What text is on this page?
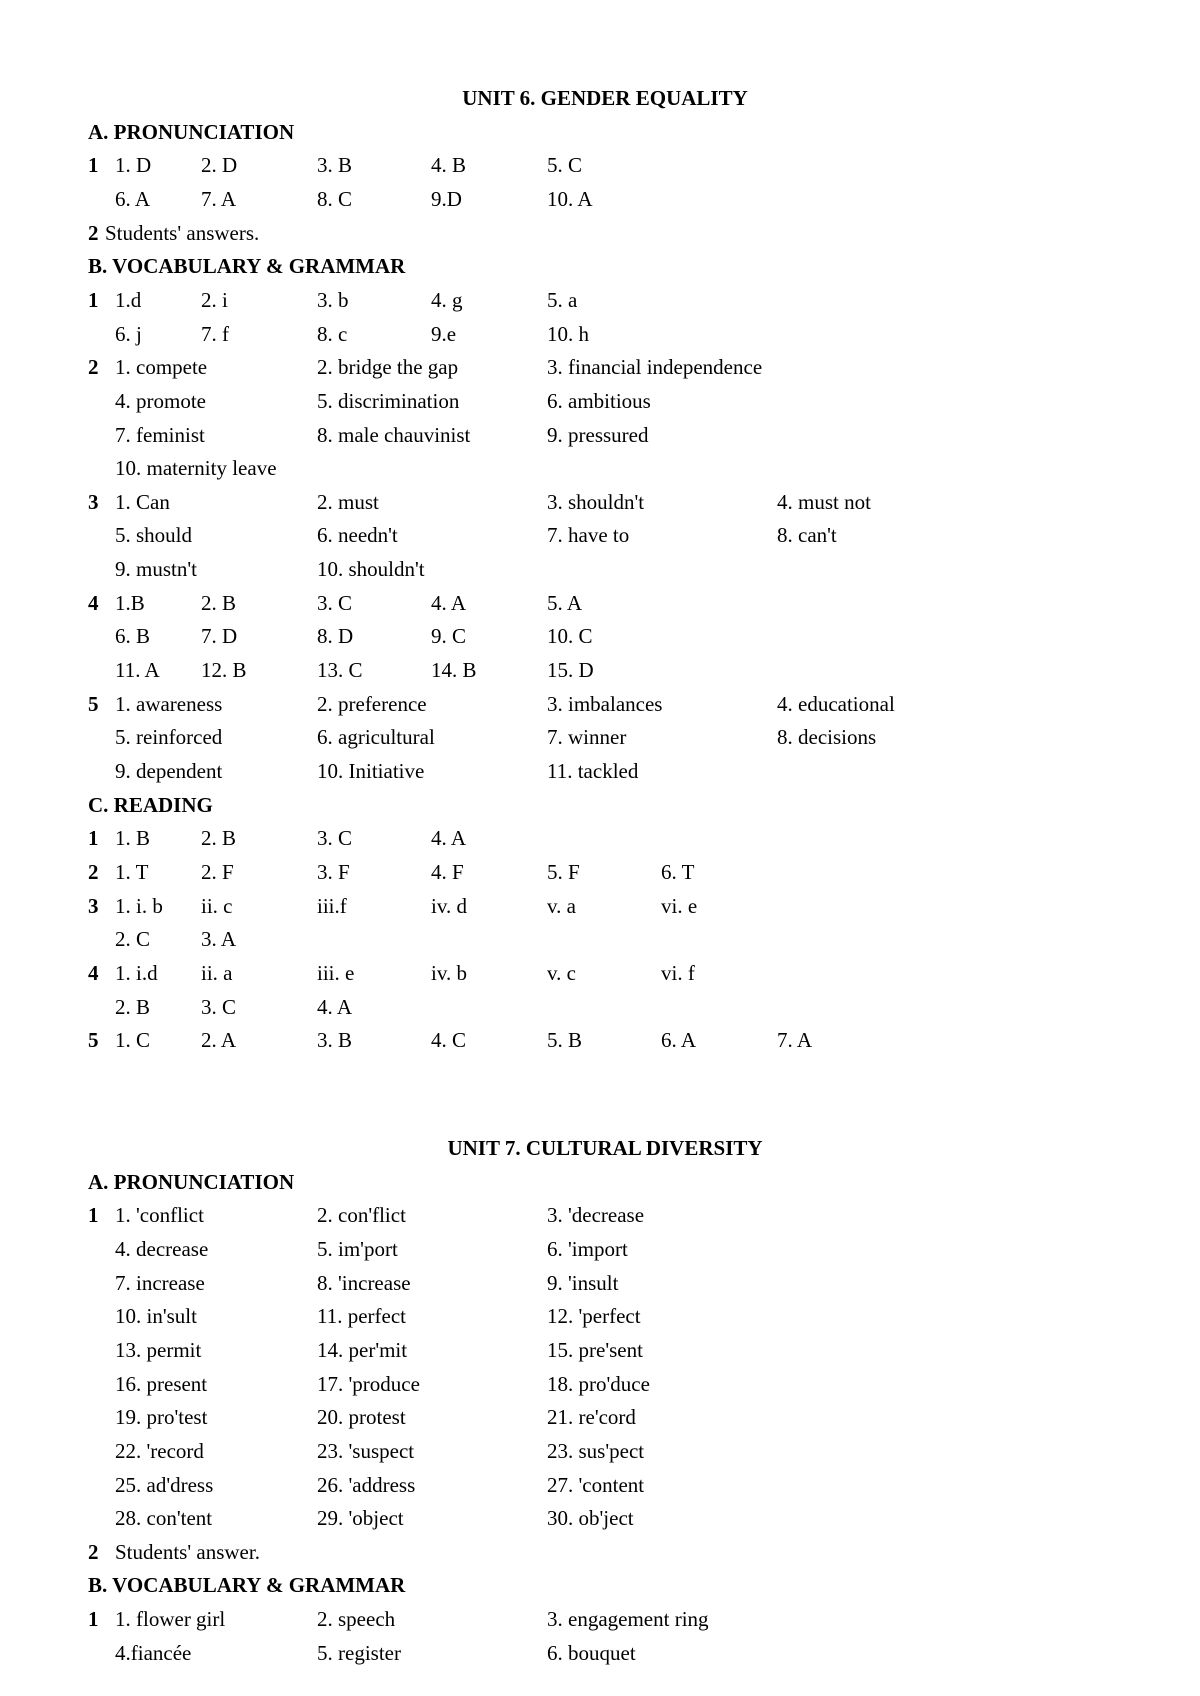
UNIT 6. GENDER EQUALITY
A. PRONUNCIATION
1 1. D 2. D	3. B	4. B	5. C
6. A 7. A	8. C	9.D	10. A
2 Students' answers.
B. VOCABULARY & GRAMMAR
1 1.d	2. i	3. b	4. g	5. a
6. j	7. f	8. c	9.e	10. h
2 1. compete	2. bridge the gap	3. financial independence
4. promote	5. discrimination	6. ambitious
7. feminist	8. male chauvinist	9. pressured
10. maternity leave
3 1. Can	2. must	3. shouldn't	4. must not
5. should	6. needn't	7. have to	8. can't
9. mustn't	10. shouldn't
4 1.B	2. B	3. C	4. A	5. A
6. B 7. D	8. D	9. C	10. C
11. A 12. B	13. C	14. B	15. D
5 1. awareness	2. preference	3. imbalances	4. educational
5. reinforced	6. agricultural	7. winner	8. decisions
9. dependent	10. Initiative	11. tackled
C. READING
1 1. B 2. B	3. C	4. A
2 1. T	2. F	3. F	4. F	5. F	6. T
3 1. i. b ii. c	iii.f	iv. d	v. a	vi. e
2. C 3. A
4 1. i.d ii. a	iii. e	iv. b	v. c	vi. f
2. B 3. C	4. A
5 1. C 2. A	3. B	4. C	5. B	6. A	7. A
UNIT 7. CULTURAL DIVERSITY
A. PRONUNCIATION
1 1. 'conflict	2. con'flict	3. 'decrease
4. decrease	5. im'port	6. 'import
7. increase	8. 'increase	9. 'insult
10. in'sult	11. perfect	12. 'perfect
13. permit	14. per'mit	15. pre'sent
16. present	17. 'produce	18. pro'duce
19. pro'test	20. protest	21. re'cord
22. 'record	23. 'suspect	23. sus'pect
25. ad'dress	26. 'address	27. 'content
28. con'tent	29. 'object	30. ob'ject
2 Students' answer.
B. VOCABULARY & GRAMMAR
1 1. flower girl	2. speech	3. engagement ring
4.fiancée	5. register	6. bouquet
